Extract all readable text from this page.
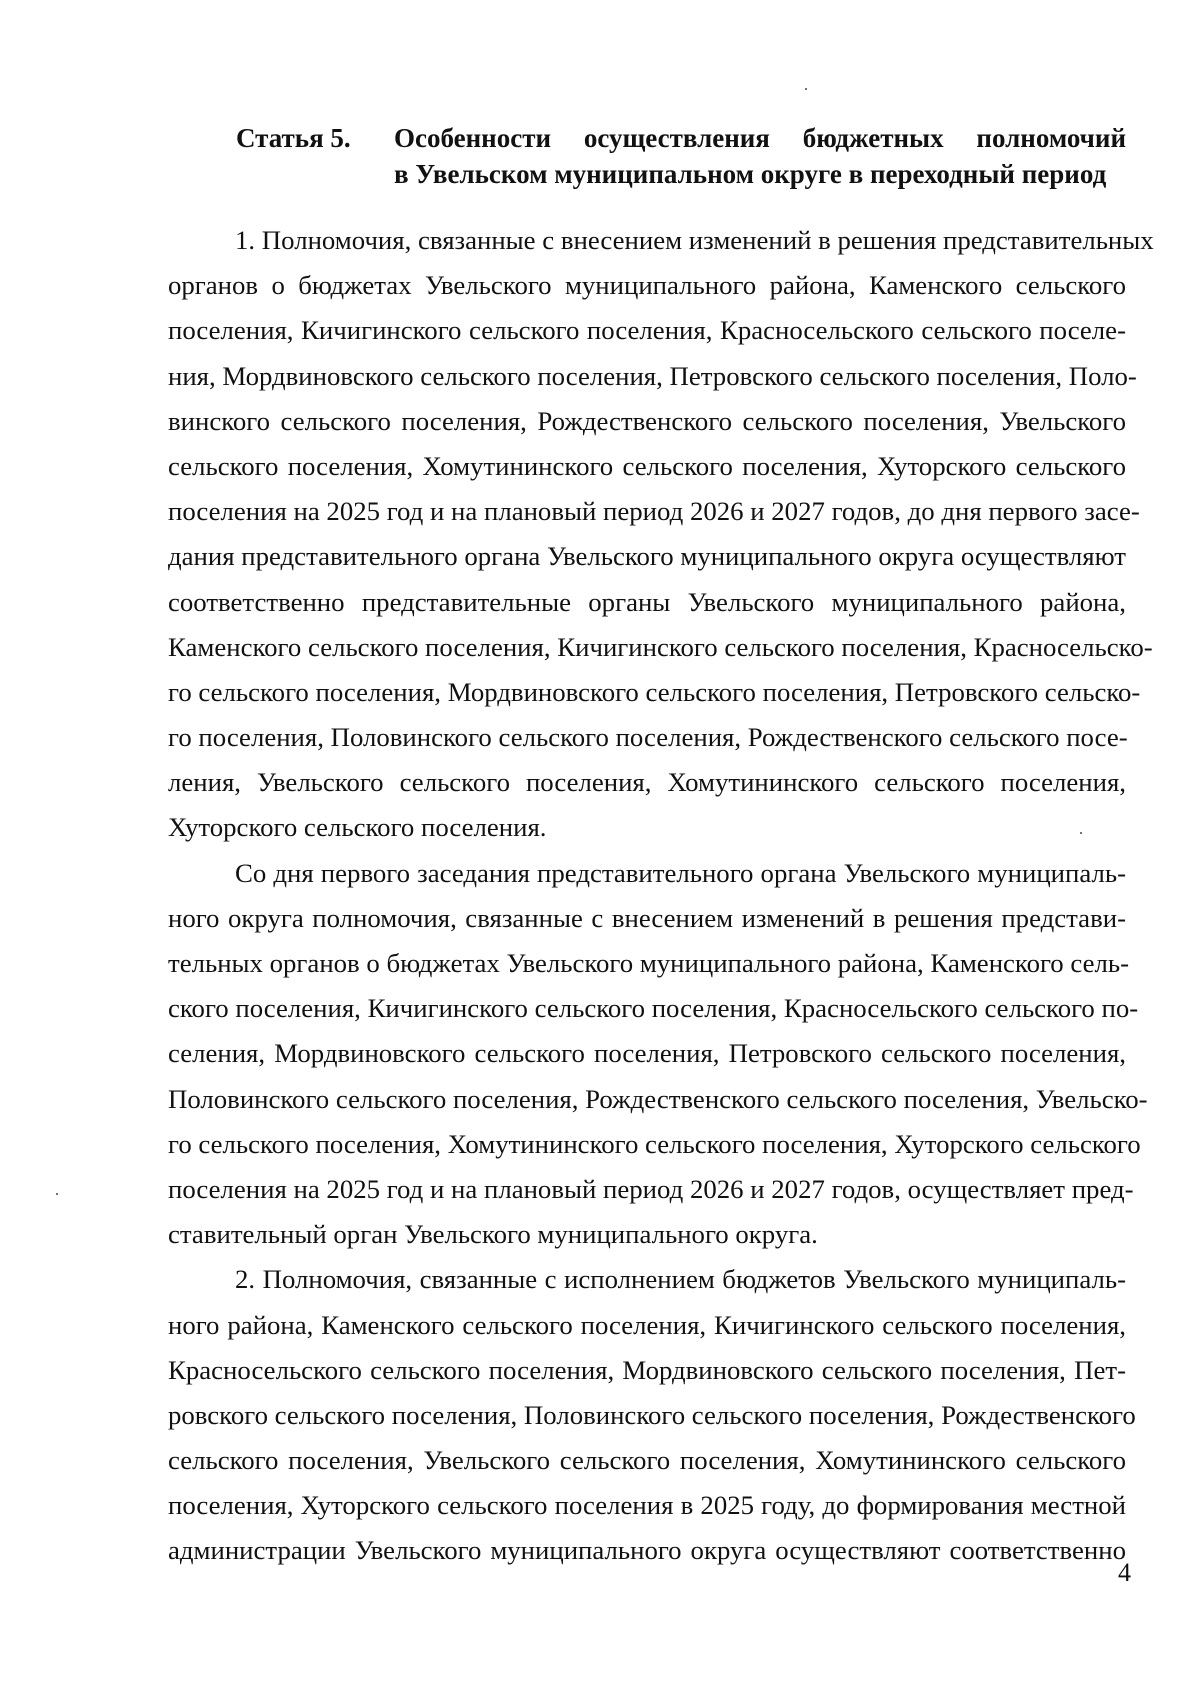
Статья 5.	Особенности осуществления бюджетных полномочий
в Увельском муниципальном округе в переходный период
1. Полномочия, связанные с внесением изменений в решения представительных
органов о бюджетах Увельского муниципального района, Каменского сельского
поселения, Кичигинского сельского поселения, Красносельского сельского поселе-
ния, Мордвиновского сельского поселения, Петровского сельского поселения, Поло-
винского сельского поселения, Рождественского сельского поселения, Увельского
сельского поселения, Хомутининского сельского поселения, Хуторского сельского
поселения на 2025 год и на плановый период 2026 и 2027 годов, до дня первого засе-
дания представительного органа Увельского муниципального округа осуществляют
соответственно представительные органы Увельского муниципального района,
Каменского сельского поселения, Кичигинского сельского поселения, Красносельско-
го сельского поселения, Мордвиновского сельского поселения, Петровского сельско-
го поселения, Половинского сельского поселения, Рождественского сельского посе-
ления, Увельского сельского поселения, Хомутининского сельского поселения,
Хуторского сельского поселения.
Со дня первого заседания представительного органа Увельского муниципаль-
ного округа полномочия, связанные с внесением изменений в решения представи-
тельных органов о бюджетах Увельского муниципального района, Каменского сель-
ского поселения, Кичигинского сельского поселения, Красносельского сельского по-
селения, Мордвиновского сельского поселения, Петровского сельского поселения,
Половинского сельского поселения, Рождественского сельского поселения, Увельско-
го сельского поселения, Хомутининского сельского поселения, Хуторского сельского
поселения на 2025 год и на плановый период 2026 и 2027 годов, осуществляет пред-
ставительный орган Увельского муниципального округа.
2. Полномочия, связанные с исполнением бюджетов Увельского муниципаль-
ного района, Каменского сельского поселения, Кичигинского сельского поселения,
Красносельского сельского поселения, Мордвиновского сельского поселения, Пет-
ровского сельского поселения, Половинского сельского поселения, Рождественского
сельского поселения, Увельского сельского поселения, Хомутининского сельского
поселения, Хуторского сельского поселения в 2025 году, до формирования местной
администрации Увельского муниципального округа осуществляют соответственно
4
